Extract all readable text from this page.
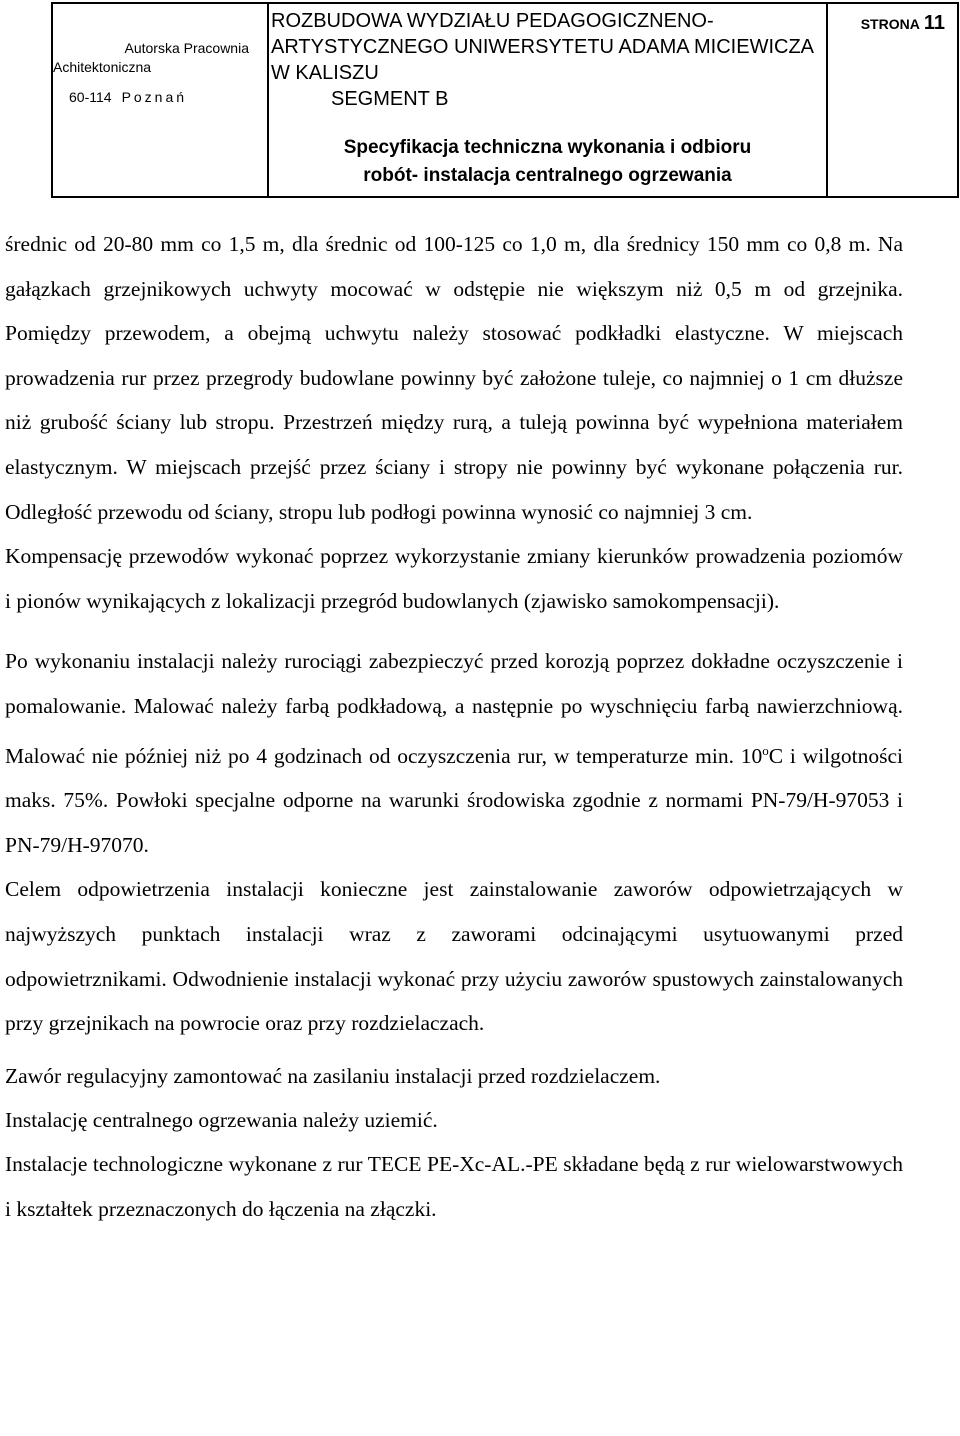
Autorska Pracownia
Achitektoniczna
60-114 Poznań

ROZBUDOWA WYDZIAŁU PEDAGOGICZNENO-
ARTYSTYCZNEGO UNIWERSYTETU ADAMA MICIEWICZA
W KALISZU
SEGMENT B
Specyfikacja techniczna wykonania i odbioru
robót- instalacja centralnego ogrzewania

STRONA 11

średnic od 20-80 mm co 1,5 m, dla średnic od 100-125 co 1,0 m, dla średnicy 150 mm co 0,8 m. Na gałązkach grzejnikowych uchwyty mocować w odstępie nie większym niż 0,5 m od grzejnika. Pomiędzy przewodem, a obejmą uchwytu należy stosować podkładki elastyczne. W miejscach prowadzenia rur przez przegrody budowlane powinny być założone tuleje, co najmniej o 1 cm dłuższe niż grubość ściany lub stropu. Przestrzeń między rurą, a tuleją powinna być wypełniona materiałem elastycznym. W miejscach przejść przez ściany i stropy nie powinny być wykonane połączenia rur. Odległość przewodu od ściany, stropu lub podłogi powinna wynosić co najmniej 3 cm.

Kompensację przewodów wykonać poprzez wykorzystanie zmiany kierunków prowadzenia poziomów i pionów wynikających z lokalizacji przegród budowlanych (zjawisko samokompensacji).

Po wykonaniu instalacji należy rurociągi zabezpieczyć przed korozją poprzez dokładne oczyszczenie i pomalowanie. Malować należy farbą podkładową, a następnie po wyschnięciu farbą nawierzchniową. Malować nie później niż po 4 godzinach od oczyszczenia rur, w temperaturze min. 10$^o$C i wilgotności maks. 75%. Powłoki specjalne odporne na warunki środowiska zgodnie z normami PN-79/H-97053 i PN-79/H-97070.

Celem odpowietrzenia instalacji konieczne jest zainstalowanie zaworów odpowietrzających w najwyższych punktach instalacji wraz z zaworami odcinającymi usytuowanymi przed odpowietrznikami. Odwodnienie instalacji wykonać przy użyciu zaworów spustowych zainstalowanych przy grzejnikach na powrocie oraz przy rozdzielaczach.

Zawór regulacyjny zamontować na zasilaniu instalacji przed rozdzielaczem.

Instalację centralnego ogrzewania należy uziemić.

Instalacje technologiczne wykonane z rur TECE PE-Xc-AL.-PE składane będą z rur wielowarstwowych i kształtek przeznaczonych do łączenia na złączki.
